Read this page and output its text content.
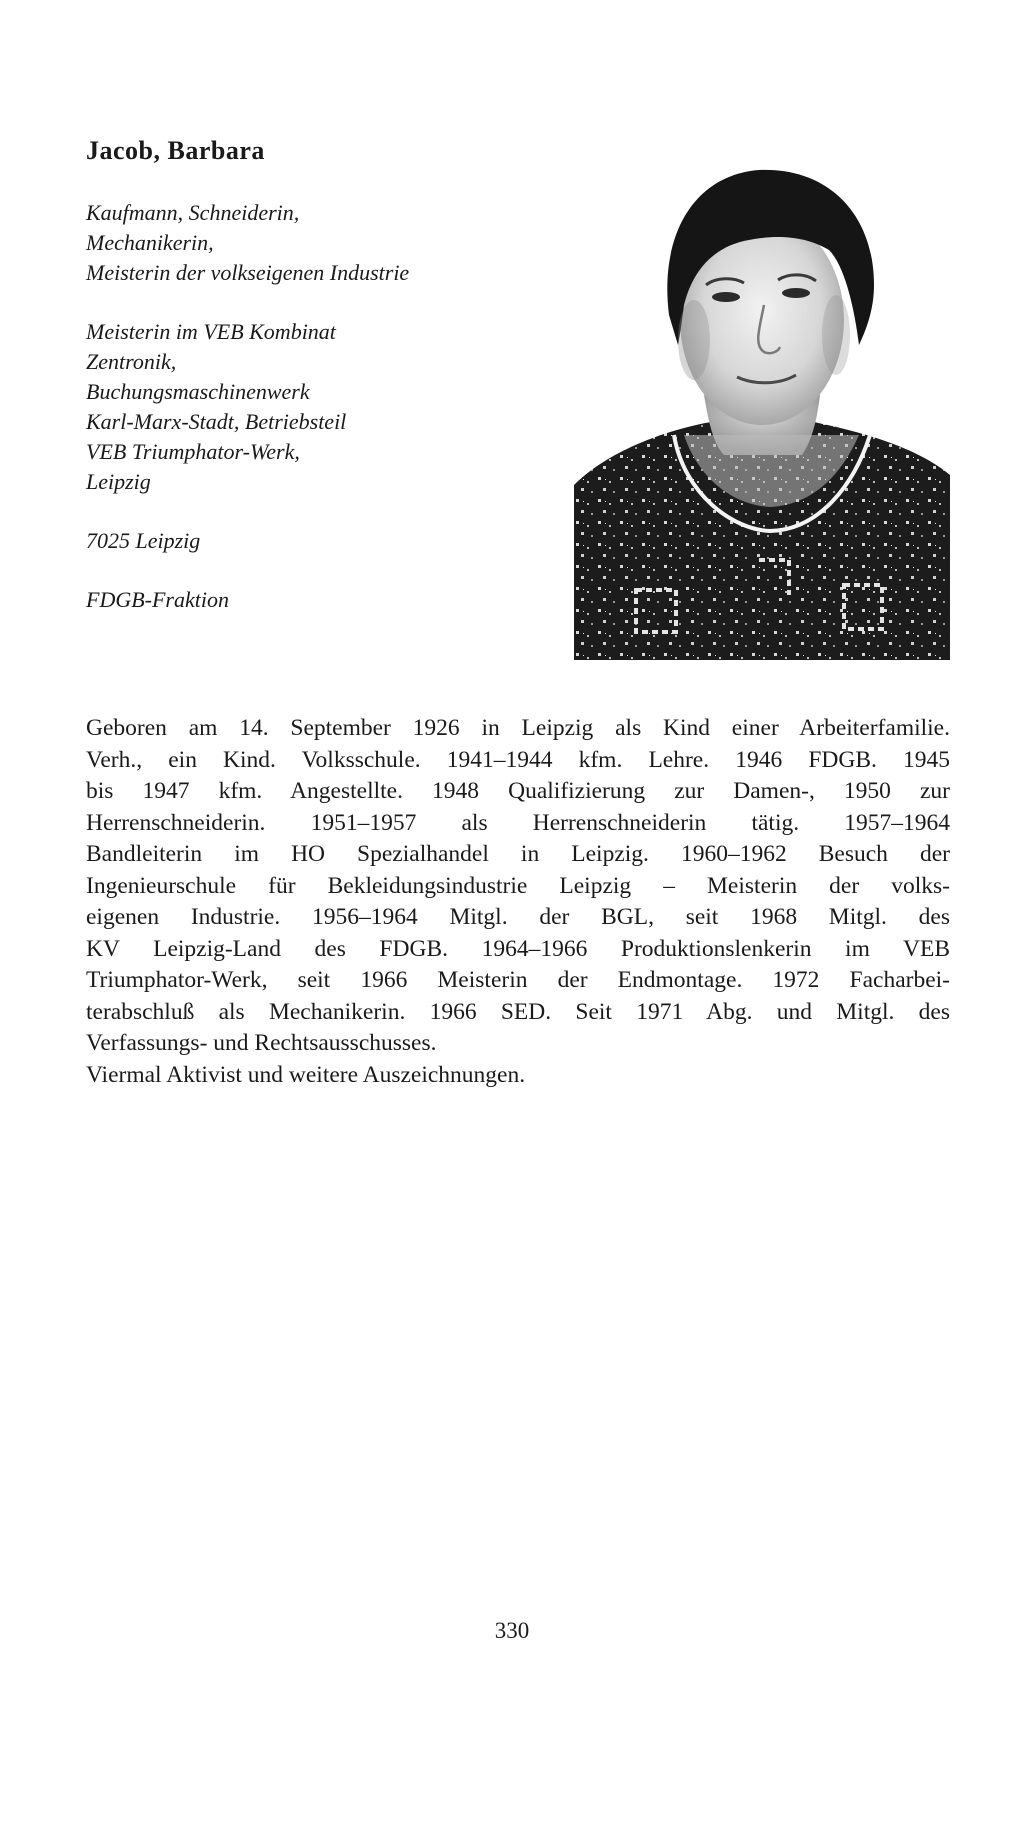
Jacob, Barbara
Kaufmann, Schneiderin,
Mechanikerin,
Meisterin der volkseigenen Industrie
Meisterin im VEB Kombinat
Zentronik,
Buchungsmaschinenwerk
Karl-Marx-Stadt, Betriebsteil
VEB Triumphator-Werk,
Leipzig
7025 Leipzig
FDGB-Fraktion
Geboren am 14. September 1926 in Leipzig als Kind einer Arbeiterfamilie.
Verh., ein Kind. Volksschule. 1941–1944 kfm. Lehre. 1946 FDGB. 1945
bis 1947 kfm. Angestellte. 1948 Qualifizierung zur Damen-, 1950 zur
Herrenschneiderin. 1951–1957 als Herrenschneiderin tätig. 1957–1964
Bandleiterin im HO Spezialhandel in Leipzig. 1960–1962 Besuch der
Ingenieurschule für Bekleidungsindustrie Leipzig – Meisterin der volks-
eigenen Industrie. 1956–1964 Mitgl. der BGL, seit 1968 Mitgl. des
KV Leipzig-Land des FDGB. 1964–1966 Produktionslenkerin im VEB
Triumphator-Werk, seit 1966 Meisterin der Endmontage. 1972 Facharbei-
terabschluß als Mechanikerin. 1966 SED. Seit 1971 Abg. und Mitgl. des
Verfassungs- und Rechtsausschusses.
Viermal Aktivist und weitere Auszeichnungen.
330
